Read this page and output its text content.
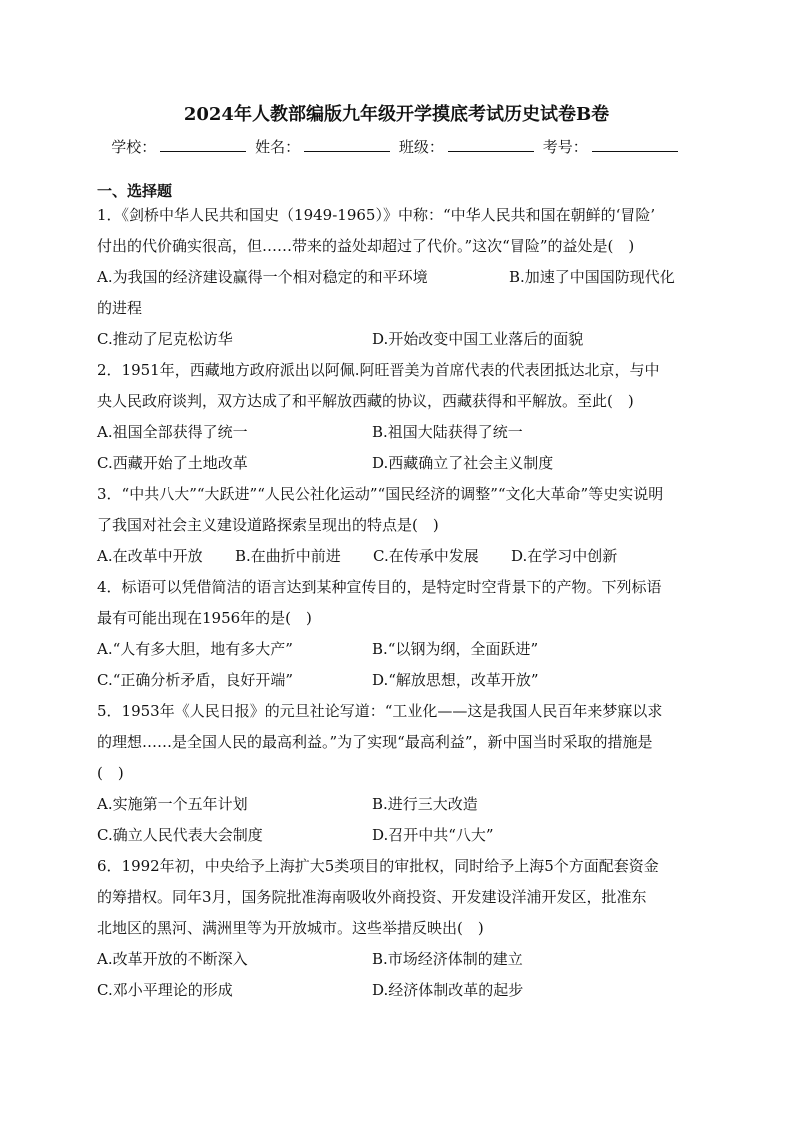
2024年人教部编版九年级开学摸底考试历史试卷B卷
学校：	姓名：	班级：	考号：
一、选择题
1．《剑桥中华人民共和国史（1949-1965）》中称：“中华人民共和国在朝鲜的‘冒险’
付出的代价确实很高，但……带来的益处却超过了代价。”这次“冒险”的益处是(　)
A.为我国的经济建设赢得一个相对稳定的和平环境	B.加速了中国国防现代化
的进程
C.推动了尼克松访华	D.开始改变中国工业落后的面貌
2．1951年，西藏地方政府派出以阿佩.阿旺晋美为首席代表的代表团抵达北京，与中
央人民政府谈判，双方达成了和平解放西藏的协议，西藏获得和平解放。至此(　)
A.祖国全部获得了统一	B.祖国大陆获得了统一
C.西藏开始了土地改革	D.西藏确立了社会主义制度
3．“中共八大”“大跃进”“人民公社化运动”“国民经济的调整”“文化大革命”等史实说明
了我国对社会主义建设道路探索呈现出的特点是(　)
A.在改革中开放 B.在曲折中前进 C.在传承中发展 D.在学习中创新
4．标语可以凭借简洁的语言达到某种宣传目的，是特定时空背景下的产物。下列标语
最有可能出现在1956年的是(　)
A.“人有多大胆，地有多大产”	B.“以钢为纲，全面跃进”
C.“正确分析矛盾，良好开端”	D.“解放思想，改革开放”
5．1953年《人民日报》的元旦社论写道：“工业化——这是我国人民百年来梦寐以求
的理想……是全国人民的最高利益。”为了实现“最高利益”，新中国当时采取的措施是
(　)
A.实施第一个五年计划	B.进行三大改造
C.确立人民代表大会制度	D.召开中共“八大”
6．1992年初，中央给予上海扩大5类项目的审批权，同时给予上海5个方面配套资金
的筹措权。同年3月，国务院批准海南吸收外商投资、开发建设洋浦开发区，批准东
北地区的黑河、满洲里等为开放城市。这些举措反映出(　)
A.改革开放的不断深入	B.市场经济体制的建立
C.邓小平理论的形成	D.经济体制改革的起步
